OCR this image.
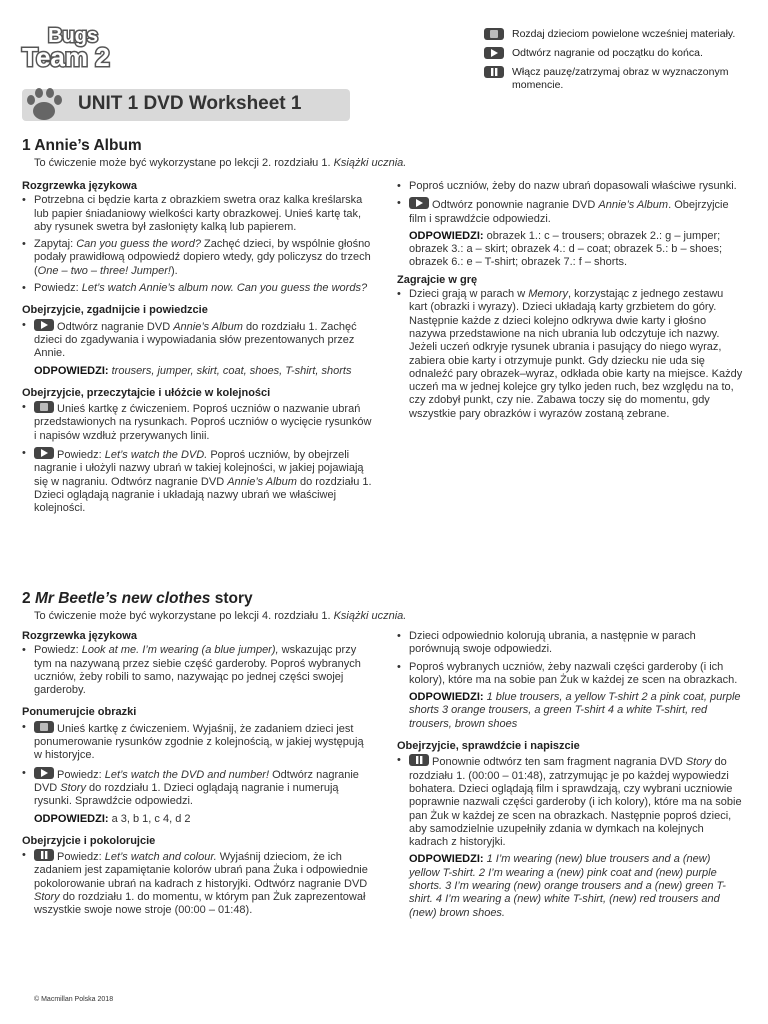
Bugs
Team 2
Rozdaj dzieciom powielone wcześniej materiały.
Odtwórz nagranie od początku do końca.
Włącz pauzę/zatrzymaj obraz w wyznaczonym momencie.
UNIT 1 DVD Worksheet 1
1 Annie’s Album
To ćwiczenie może być wykorzystane po lekcji 2. rozdziału 1. Książki ucznia.
Rozgrzewka językowa
• Potrzebna ci będzie karta z obrazkiem swetra oraz kalka kreślarska lub papier śniadaniowy wielkości karty obrazkowej. Unieś kartę tak, aby rysunek swetra był zasłonięty kalką lub papierem.
• Zapytaj: Can you guess the word? Zachęć dzieci, by wspólnie głośno podały prawidłową odpowiedź dopiero wtedy, gdy policzysz do trzech (One – two – three! Jumper!).
• Powiedz: Let’s watch Annie’s album now. Can you guess the words?
Obejrzyjcie, zgadnijcie i powiedzcie
• Odtwórz nagranie DVD Annie’s Album do rozdziału 1. Zachęć dzieci do zgadywania i wypowiadania słów prezentowanych przez Annie.
ODPOWIEDZI: trousers, jumper, skirt, coat, shoes, T-shirt, shorts
Obejrzyjcie, przeczytajcie i ułóżcie w kolejności
• Unieś kartkę z ćwiczeniem. Poproś uczniów o nazwanie ubrań przedstawionych na rysunkach. Poproś uczniów o wycięcie rysunków i napisów wzdłuż przerywanych linii.
• Powiedz: Let’s watch the DVD. Poproś uczniów, by obejrzeli nagranie i ułożyli nazwy ubrań w takiej kolejności, w jakiej pojawiają się w nagraniu. Odtwórz nagranie DVD Annie’s Album do rozdziału 1. Dzieci oglądają nagranie i układają nazwy ubrań we właściwej kolejności.
• Poproś uczniów, żeby do nazw ubrań dopasowali właściwe rysunki.
• Odtwórz ponownie nagranie DVD Annie’s Album. Obejrzyjcie film i sprawdźcie odpowiedzi.
ODPOWIEDZI: obrazek 1.: c – trousers; obrazek 2.: g – jumper; obrazek 3.: a – skirt; obrazek 4.: d – coat; obrazek 5.: b – shoes; obrazek 6.: e – T-shirt; obrazek 7.: f – shorts.
Zagrajcie w grę
• Dzieci grają w parach w Memory, korzystając z jednego zestawu kart (obrazki i wyrazy). Dzieci układają karty grzbietem do góry. Następnie każde z dzieci kolejno odkrywa dwie karty i głośno nazywa przedstawione na nich ubrania lub odczytuje ich nazwy. Jeżeli uczeń odkryje rysunek ubrania i pasujący do niego wyraz, zabiera obie karty i otrzymuje punkt. Gdy dziecku nie uda się odnaleźć pary obrazek–wyraz, odkłada obie karty na miejsce. Każdy uczeń ma w jednej kolejce gry tylko jeden ruch, bez względu na to, czy zdobył punkt, czy nie. Zabawa toczy się do momentu, gdy wszystkie pary obrazków i wyrazów zostaną zebrane.
2 Mr Beetle’s new clothes story
To ćwiczenie może być wykorzystane po lekcji 4. rozdziału 1. Książki ucznia.
Rozgrzewka językowa
• Powiedz: Look at me. I’m wearing (a blue jumper), wskazując przy tym na nazywaną przez siebie część garderoby. Poproś wybranych uczniów, żeby robili to samo, nazywając po jednej części swojej garderoby.
Ponumerujcie obrazki
• Unieś kartkę z ćwiczeniem. Wyjaśnij, że zadaniem dzieci jest ponumerowanie rysunków zgodnie z kolejnością, w jakiej występują w historyjce.
• Powiedz: Let’s watch the DVD and number! Odtwórz nagranie DVD Story do rozdziału 1. Dzieci oglądają nagranie i numerują rysunki. Sprawdźcie odpowiedzi.
ODPOWIEDZI: a 3, b 1, c 4, d 2
Obejrzyjcie i pokolorujcie
• Powiedz: Let’s watch and colour. Wyjaśnij dzieciom, że ich zadaniem jest zapamiętanie kolorów ubrań pana Żuka i odpowiednie pokolorowanie ubrań na kadrach z historyjki. Odtwórz nagranie DVD Story do rozdziału 1. do momentu, w którym pan Żuk zaprezentował wszystkie swoje nowe stroje (00:00 – 01:48).
• Dzieci odpowiednio kolorują ubrania, a następnie w parach porównują swoje odpowiedzi.
• Poproś wybranych uczniów, żeby nazwali części garderoby (i ich kolory), które ma na sobie pan Żuk w każdej ze scen na obrazkach.
ODPOWIEDZI: 1 blue trousers, a yellow T-shirt 2 a pink coat, purple shorts 3 orange trousers, a green T-shirt 4 a white T-shirt, red trousers, brown shoes
Obejrzyjcie, sprawdźcie i napiszcie
• Ponownie odtwórz ten sam fragment nagrania DVD Story do rozdziału 1. (00:00 – 01:48), zatrzymując je po każdej wypowiedzi bohatera. Dzieci oglądają film i sprawdzają, czy wybrani uczniowie poprawnie nazwali części garderoby (i ich kolory), które ma na sobie pan Żuk w każdej ze scen na obrazkach. Następnie poproś dzieci, aby samodzielnie uzupełniły zdania w dymkach na kolejnych kadrach z historyjki.
ODPOWIEDZI: 1 I’m wearing (new) blue trousers and a (new) yellow T-shirt. 2 I’m wearing a (new) pink coat and (new) purple shorts. 3 I’m wearing (new) orange trousers and a (new) green T-shirt. 4 I’m wearing a (new) white T-shirt, (new) red trousers and (new) brown shoes.
© Macmillan Polska 2018
